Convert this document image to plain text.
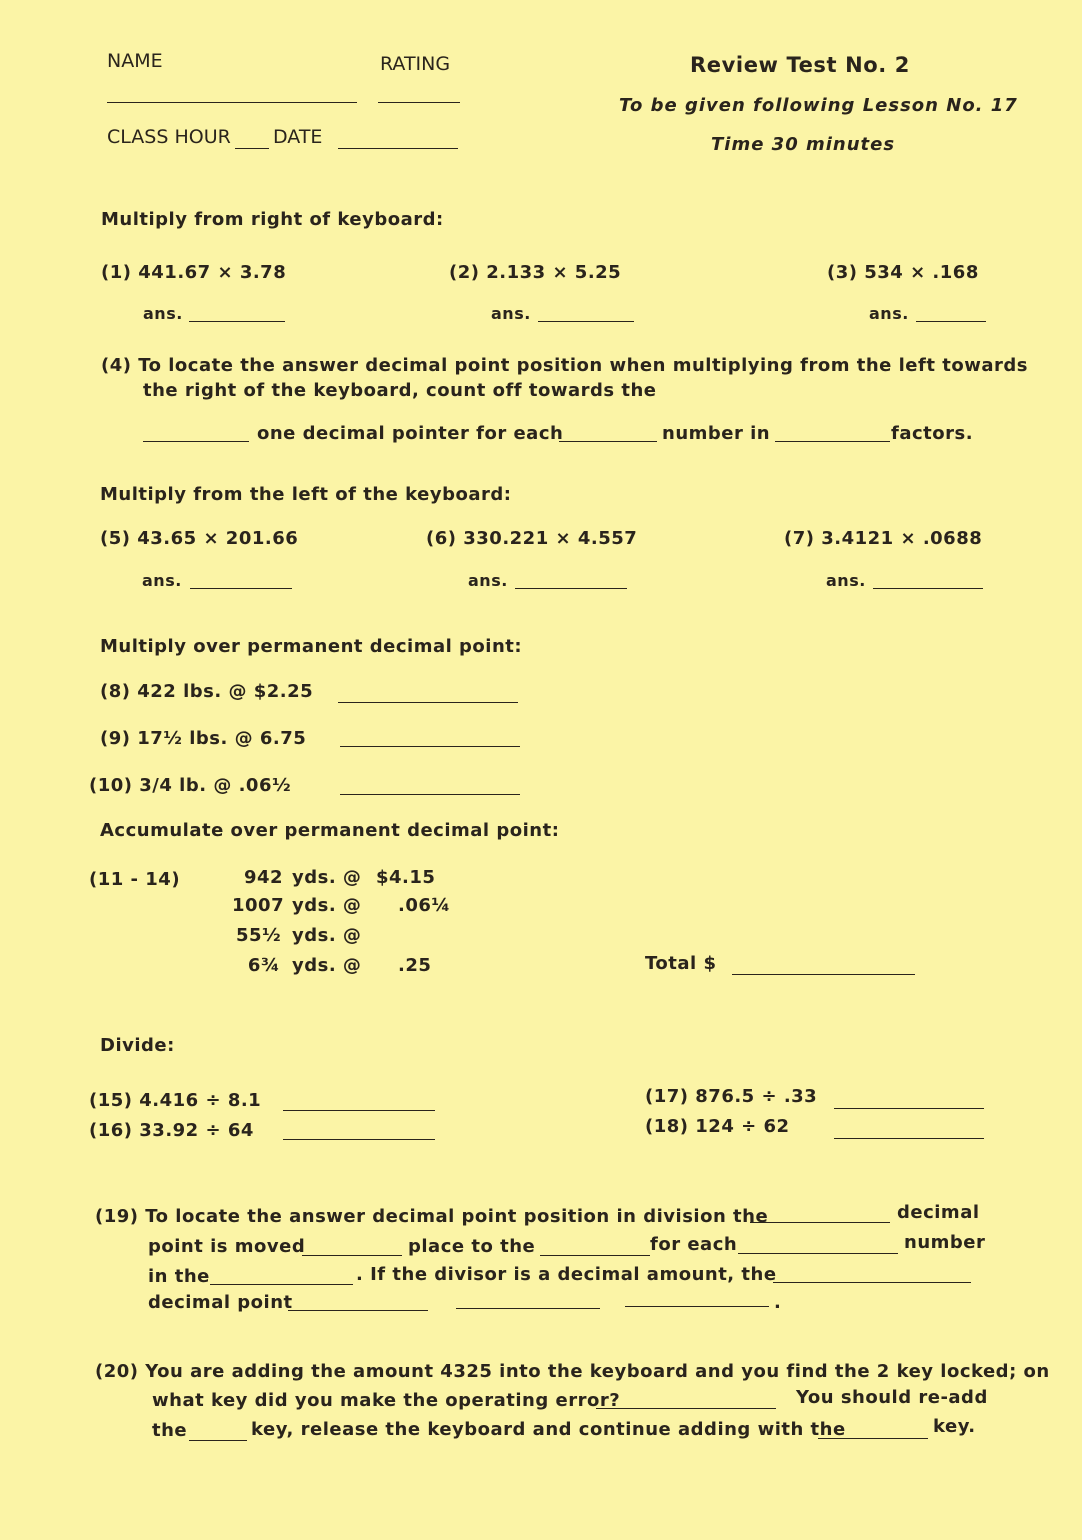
NAME	RATING
CLASS HOUR DATE
Review Test No. 2
To be given following Lesson No. 17
Time 30 minutes
Multiply from right of keyboard:
(1) 441.67 × 3.78	(2) 2.133 × 5.25	(3) 534 × .168
ans.	ans.	ans.
(4) To locate the answer decimal point position when multiplying from the left towards
the right of the keyboard, count off towards the
one decimal pointer for each	number in	factors.
Multiply from the left of the keyboard:
(5) 43.65 × 201.66	(6) 330.221 × 4.557	(7) 3.4121 × .0688
ans.	ans.	ans.
Multiply over permanent decimal point:
(8) 422 lbs. @ $2.25
(9) 17½ lbs. @ 6.75
(10) 3/4 lb. @ .06½
Accumulate over permanent decimal point:
(11 - 14)	942 yds. @ $4.15
1007 yds. @ .06¼
55½ yds. @
6¾ yds. @ .25	Total $
Divide:
(15) 4.416 ÷ 8.1
(16) 33.92 ÷ 64
(17) 876.5 ÷ .33
(18) 124 ÷ 62
(19) To locate the answer decimal point position in division the	decimal
point is moved	place to the	for each	number
in the	. If the divisor is a decimal amount, the
decimal point	.
(20) You are adding the amount 4325 into the keyboard and you find the 2 key locked; on
what key did you make the operating error?	You should re-add
the	key, release the keyboard and continue adding with the	key.
